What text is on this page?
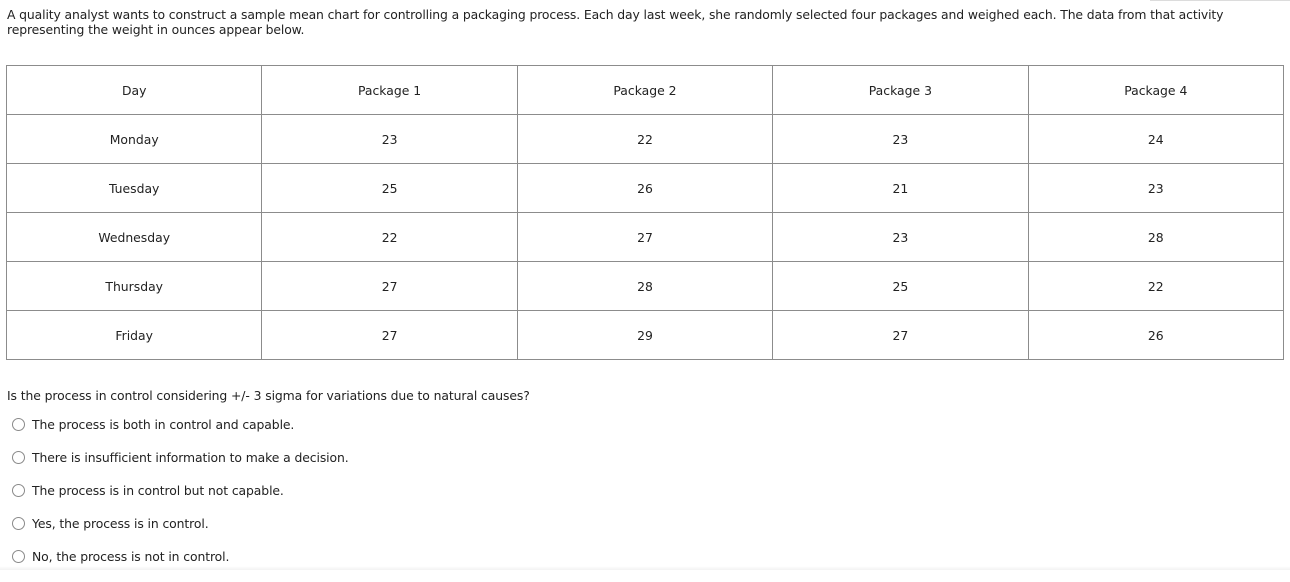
A quality analyst wants to construct a sample mean chart for controlling a packaging process. Each day last week, she randomly selected four packages and weighed each. The data from that activity representing the weight in ounces appear below.

Day	Package 1	Package 2	Package 3	Package 4
Monday	23	22	23	24
Tuesday	25	26	21	23
Wednesday	22	27	23	28
Thursday	27	28	25	22
Friday	27	29	27	26

Is the process in control considering +/- 3 sigma for variations due to natural causes?

The process is both in control and capable.
There is insufficient information to make a decision.
The process is in control but not capable.
Yes, the process is in control.
No, the process is not in control.
